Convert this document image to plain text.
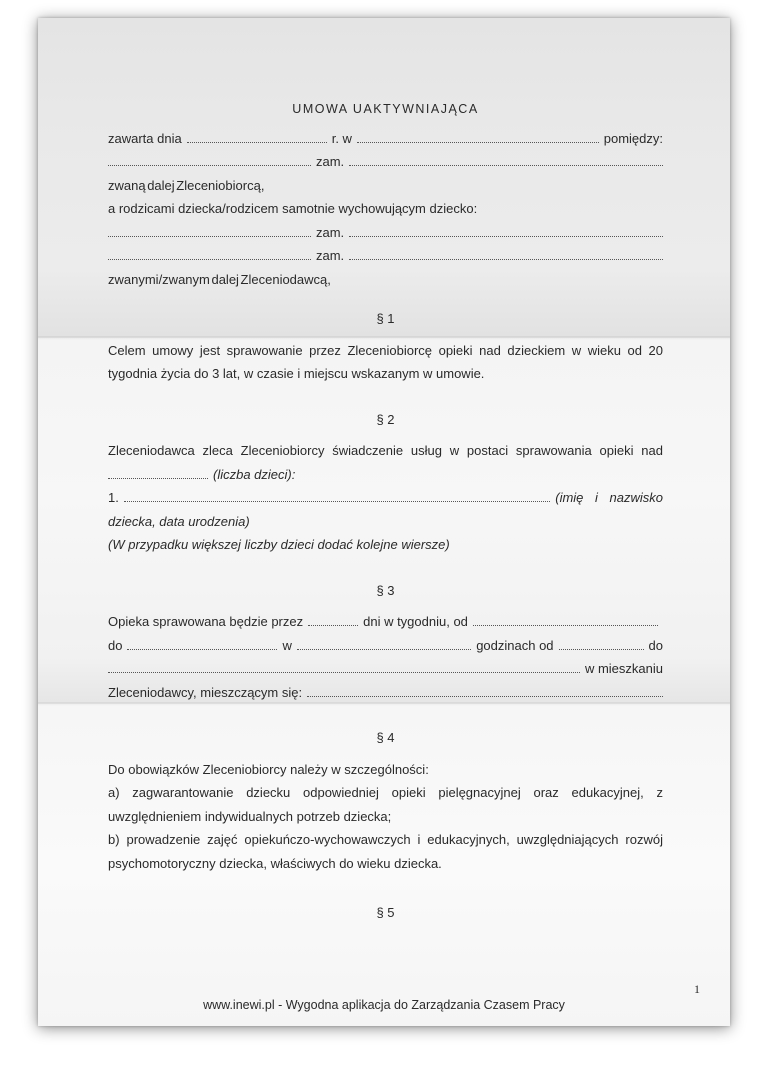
UMOWA UAKTYWNIAJĄCA
zawarta dnia	r. w	pomiędzy:
zam.
zwaną dalej Zleceniobiorcą,
a rodzicami dziecka/rodzicem samotnie wychowującym dziecko:
zam.
zam.
zwanymi/zwanym dalej Zleceniodawcą,
§ 1

Celem umowy jest sprawowanie przez Zleceniobiorcę opieki nad dzieckiem w wieku od 20 tygodnia życia do 3 lat, w czasie i miejscu wskazanym w umowie.

§ 2

Zleceniodawca zleca Zleceniobiorcy świadczenie usług w postaci sprawowania opieki nad

(liczba dzieci):
1.	(imię i nazwisko
dziecka, data urodzenia)
(W przypadku większej liczby dzieci dodać kolejne wiersze)
§ 3
Opieka sprawowana będzie przez	dni w tygodniu, od
do	w	godzinach od	do
w mieszkaniu
Zleceniodawcy, mieszczącym się:
§ 4
Do obowiązków Zleceniobiorcy należy w szczególności:

a) zagwarantowanie dziecku odpowiedniej opieki pielęgnacyjnej oraz edukacyjnej, z

uwzględnieniem indywidualnych potrzeb dziecka;

b) prowadzenie zajęć opiekuńczo-wychowawczych i edukacyjnych, uwzględniających rozwój

psychomotoryczny dziecka, właściwych do wieku dziecka.
§ 5
1
www.inewi.pl - Wygodna aplikacja do Zarządzania Czasem Pracy
